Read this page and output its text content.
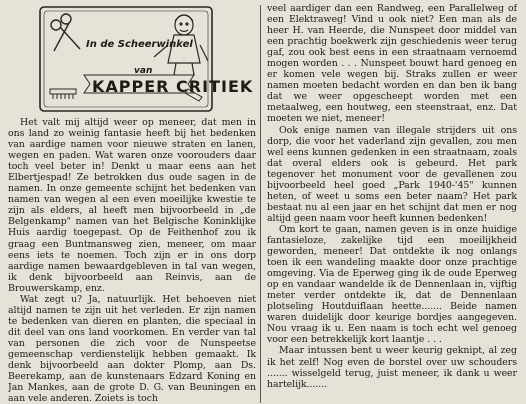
In de Scheerwinkel
van
KAPPER CRITIEK

Het valt mij altijd weer op meneer, dat men in ons land zo weinig fantasie heeft bij het bedenken van aardige namen voor nieuwe straten en lanen, wegen en paden. Wat waren onze voorouders daar toch veel beter in! Denkt u maar eens aan het Elbertjespad! Ze betrokken dus oude sagen in de namen. In onze gemeente schijnt het bedenken van namen van wegen al een even moeilijke kwestie te zijn als elders, al heeft men bijvoorbeeld in „de Belgenkamp" namen van het Belgische Koninklijke Huis aardig toegepast. Op de Feithenhof zou ik graag een Buntmansweg zien, meneer, om maar eens iets te noemen. Toch zijn er in ons dorp aardige namen bewaardgebleven in tal van wegen, ik denk bijvoorbeeld aan Reinvis, aan de Brouwerskamp, enz.

Wat zegt u? Ja, natuurlijk. Het behoeven niet altijd namen te zijn uit het verleden. Er zijn namen te bedenken van dieren en planten, die speciaal in dit deel van ons land voorkomen. En verder van tal van personen die zich voor de Nunspeetse gemeenschap verdienstelijk hebben gemaakt. Ik denk bijvoorbeeld aan dokter Plomp, aan Ds. Beerekamp, aan de kunstenaars Edzard Koning en Jan Mankes, aan de grote D. G. van Beuningen en aan vele anderen. Zoiets is toch

veel aardiger dan een Randweg, een Parallelweg of een Elektraweg! Vind u ook niet? Een man als de heer H. van Heerde, die Nunspeet door middel van een prachtig boekwerk zijn geschiedenis weer terug gaf, zou ook best eens in een straatnaam vernoemd mogen worden . . . Nunspeet bouwt hard genoeg en er komen vele wegen bij. Straks zullen er weer namen moeten bedacht worden en dan ben ik bang dat we weer opgescheept worden met een metaalweg, een houtweg, een steenstraat, enz. Dat moeten we niet, meneer!

Ook enige namen van illegale strijders uit ons dorp, die voor het vaderland zijn gevallen, zou men wel eens kunnen gedenken in een straatnaam, zoals dat overal elders ook is gebeurd. Het park tegenover het monument voor de gevallenen zou bijvoorbeeld heel goed „Park 1940-'45" kunnen heten, of weet u soms een beter naam? Het park bestaat nu al een jaar en het schijnt dat men er nog altijd geen naam voor heeft kunnen bedenken!

Om kort te gaan, namen geven is in onze huidige fantasieloze, zakelijke tijd een moeilijkheid geworden, meneer! Dat ontdekte ik nog onlangs toen ik een wandeling maakte door onze prachtige omgeving. Via de Eperweg ging ik de oude Eperweg op en vandaar wandelde ik de Dennenlaan in, vijftig meter verder ontdekte ik, dat de Dennenlaan plotseling Houtduiflaan heette....... Beide namen waren duidelijk door keurige bordjes aangegeven. Nou vraag ik u. Een naam is toch echt wel genoeg voor een betrekkelijk kort laantje . . .

Maar intussen bent u weer keurig geknipt, al zeg ik het zelf! Nog even de borstel over uw schouders ....... wisselgeld terug, juist meneer, ik dank u weer hartelijk.......
